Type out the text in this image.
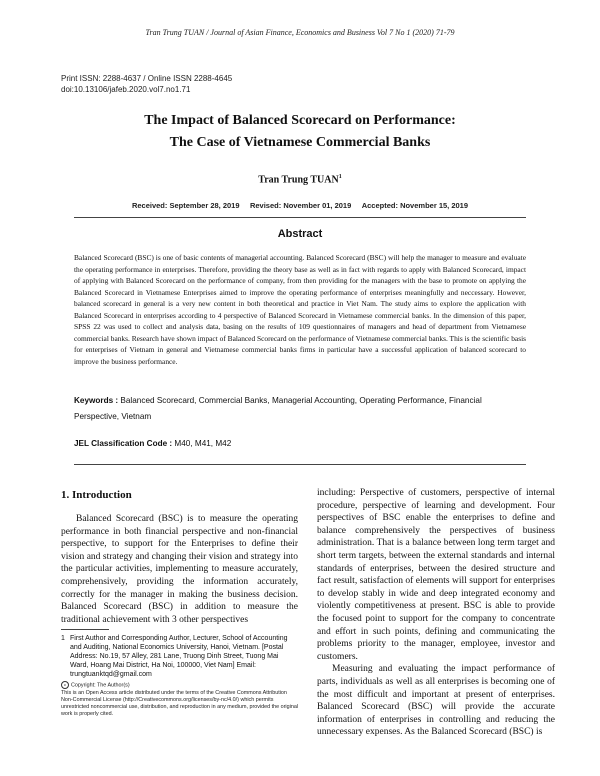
Tran Trung TUAN / Journal of Asian Finance, Economics and Business Vol 7 No 1 (2020) 71-79
Print ISSN: 2288-4637 / Online ISSN 2288-4645
doi:10.13106/jafeb.2020.vol7.no1.71
The Impact of Balanced Scorecard on Performance:
The Case of Vietnamese Commercial Banks
Tran Trung TUAN$^1$
Received: September 28, 2019 Revised: November 01, 2019 Accepted: November 15, 2019
Abstract
Balanced Scorecard (BSC) is one of basic contents of managerial accounting. Balanced Scorecard (BSC) will help the manager to measure and evaluate the operating performance in enterprises. Therefore, providing the theory base as well as in fact with regards to apply with Balanced Scorecard, impact of applying with Balanced Scorecard on the performance of company, from then providing for the managers with the base to promote on applying the Balanced Scorecard in Vietnamese Enterprises aimed to improve the operating performance of enterprises meaningfully and neccessary. However, balanced scorecard in general is a very new content in both theoretical and practice in Viet Nam. The study aims to explore the application with Balanced Scorecard in enterprises according to 4 perspective of Balanced Scorecard in Vietnamese commercial banks. In the dimension of this paper, SPSS 22 was used to collect and analysis data, basing on the results of 109 questionnaires of managers and head of department from Vietnamese commercial banks. Research have shown impact of Balanced Scorecard on the performance of Vietnamese commercial banks. This is the scientific basis for enterprises of Vietnam in general and Vietnamese commercial banks firms in particular have a successful application of balanced scorecard to improve the business performance.
Keywords : Balanced Scorecard, Commercial Banks, Managerial Accounting, Operating Performance, Financial Perspective, Vietnam
JEL Classification Code : M40, M41, M42
1. Introduction

Balanced Scorecard (BSC) is to measure the operating performance in both financial perspective and non-financial perspective, to support for the Enterprises to define their vision and strategy and changing their vision and strategy into the particular activities, implementing to measure accurately, comprehensively, providing the information accurately, correctly for the manager in making the business decision. Balanced Scorecard (BSC) in addition to measure the traditional achievement with 3 other perspectives

including: Perspective of customers, perspective of internal procedure, perspective of learning and development. Four perspectives of BSC enable the enterprises to define and balance comprehensively the perspectives of business administration. That is a balance between long term target and short term targets, between the external standards and internal standards of enterprises, between the desired structure and fact result, satisfaction of elements will support for enterprises to develop stably in wide and deep integrated economy and violently competitiveness at present. BSC is able to provide the focused point to support for the company to concentrate and effort in such points, defining and communicating the problems priority to the manager, employee, investor and customers.

Measuring and evaluating the impact performance of parts, individuals as well as all enterprises is becoming one of the most difficult and important at present of enterprises. Balanced Scorecard (BSC) will provide the accurate information of enterprises in controlling and reducing the unnecessary expenses. As the Balanced Scorecard (BSC) is

1 First Author and Corresponding Author, Lecturer, School of Accounting and Auditing, National Economics University, Hanoi, Vietnam. [Postal Address: No.19, 57 Alley, 281 Lane, Truong Dinh Street, Tuong Mai Ward, Hoang Mai District, Ha Noi, 100000, Viet Nam] Email: trungtuanktqd@gmail.com
c Copyright: The Author(s)
This is an Open Access article distributed under the terms of the Creative Commons Attribution Non-Commercial License (http://Creativecommons.org/licenses/by-nc/4.0/) which permits unrestricted noncommercial use, distribution, and reproduction in any medium, provided the original work is properly cited.
